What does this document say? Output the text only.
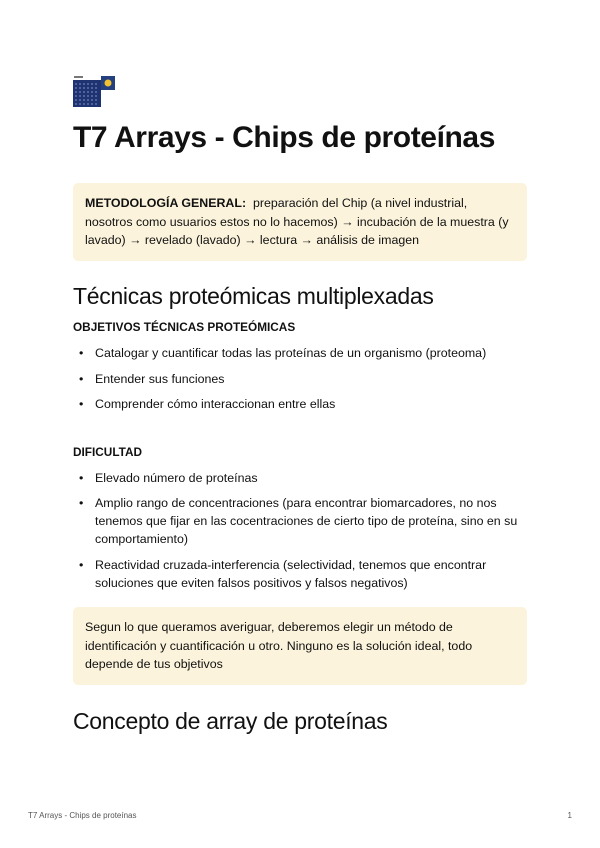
T7 Arrays - Chips de proteínas
METODOLOGÍA GENERAL: preparación del Chip (a nivel industrial, nosotros como usuarios estos no lo hacemos) → incubación de la muestra (y lavado) → revelado (lavado) → lectura → análisis de imagen
Técnicas proteómicas multiplexadas
OBJETIVOS TÉCNICAS PROTEÓMICAS
• Catalogar y cuantificar todas las proteínas de un organismo (proteoma)
• Entender sus funciones
• Comprender cómo interaccionan entre ellas
DIFICULTAD
• Elevado número de proteínas
• Amplio rango de concentraciones (para encontrar biomarcadores, no nos tenemos que fijar en las cocentraciones de cierto tipo de proteína, sino en su comportamiento)
• Reactividad cruzada-interferencia (selectividad, tenemos que encontrar soluciones que eviten falsos positivos y falsos negativos)
Segun lo que queramos averiguar, deberemos elegir un método de identificación y cuantificación u otro. Ninguno es la solución ideal, todo depende de tus objetivos
Concepto de array de proteínas
T7 Arrays - Chips de proteínas	1
